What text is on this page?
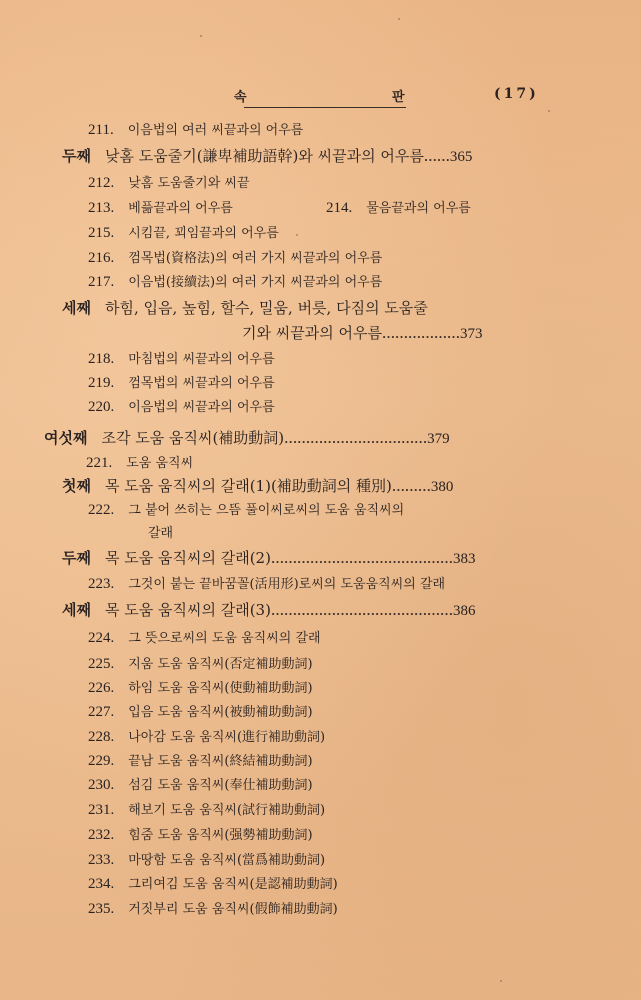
속	판	(17)
211. 이음법의 여러 씨끝과의 어우름
두째 낮홈 도움줄기(謙卑補助語幹)와 씨끝과의 어우름……365
212. 낮홈 도움줄기와 씨끝
213. 베픎끝과의 어우름	214. 물음끝과의 어우름
215. 시킴끝, 꾀임끝과의 어우름
216. 껌목법(資格法)의 여러 가지 씨끝과의 어우름
217. 이음법(接續法)의 여러 가지 씨끝과의 어우름
세째 하힘, 입음, 높힘, 할수, 밀움, 버릇, 다짐의 도움줄
기와 씨끝과의 어우름………………373
218. 마침법의 씨끝과의 어우름
219. 껌목법의 씨끝과의 어우름
220. 이음법의 씨끝과의 어우름
여섯째 조각 도움 움직씨(補助動詞)……………………………379
221. 도움 움직씨
첫째 목 도움 움직씨의 갈래(1)(補助動詞의 種別)………380
222. 그 붙어 쓰히는 으뜸 풀이씨로씨의 도움 움직씨의
갈래
두째 목 도움 움직씨의 갈래(2)……………………………………383
223. 그것이 붙는 끝바꿈꼴(活用形)로씨의 도움움직씨의 갈래
세째 목 도움 움직씨의 갈래(3)……………………………………386
224. 그 뜻으로씨의 도움 움직씨의 갈래
225. 지움 도움 움직씨(否定補助動詞)
226. 하임 도움 움직씨(使動補助動詞)
227. 입음 도움 움직씨(被動補助動詞)
228. 나아감 도움 움직씨(進行補助動詞)
229. 끝남 도움 움직씨(終結補助動詞)
230. 섬김 도움 움직씨(奉仕補助動詞)
231. 해보기 도움 움직씨(試行補助動詞)
232. 힘줌 도움 움직씨(强勢補助動詞)
233. 마땅함 도움 움직씨(當爲補助動詞)
234. 그리여김 도움 움직씨(是認補助動詞)
235. 거짓부리 도움 움직씨(假飾補助動詞)
